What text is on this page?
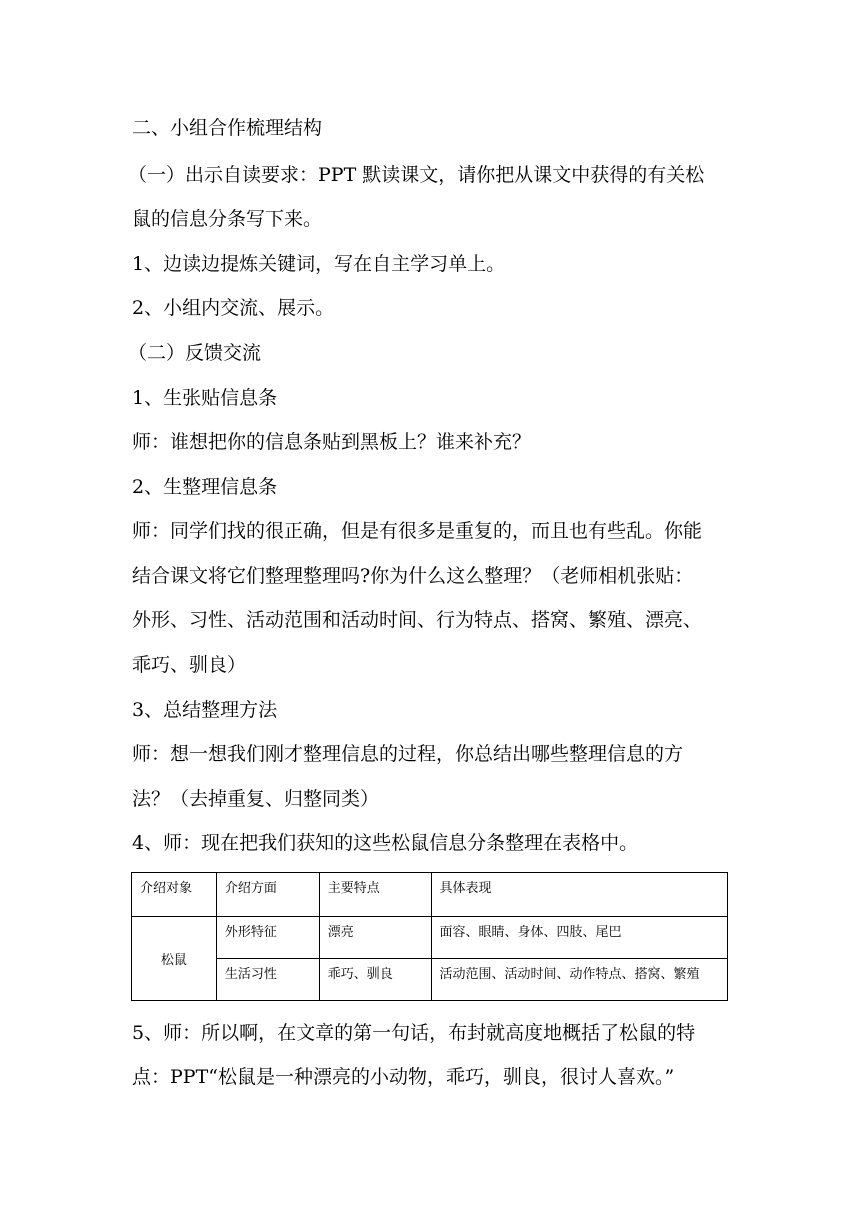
二、小组合作梳理结构
（一）出示自读要求：PPT 默读课文，请你把从课文中获得的有关松
鼠的信息分条写下来。
1、边读边提炼关键词，写在自主学习单上。
2、小组内交流、展示。
（二）反馈交流
1、生张贴信息条
师：谁想把你的信息条贴到黑板上？谁来补充？
2、生整理信息条
师：同学们找的很正确，但是有很多是重复的，而且也有些乱。你能
结合课文将它们整理整理吗?你为什么这么整理？（老师相机张贴：
外形、习性、活动范围和活动时间、行为特点、搭窝、繁殖、漂亮、
乖巧、驯良）
3、总结整理方法
师：想一想我们刚才整理信息的过程，你总结出哪些整理信息的方
法？（去掉重复、归整同类）
4、师：现在把我们获知的这些松鼠信息分条整理在表格中。
介绍对象	介绍方面	主要特点	具体表现
松鼠	外形特征	漂亮	面容、眼睛、身体、四肢、尾巴
	生活习性	乖巧、驯良	活动范围、活动时间、动作特点、搭窝、繁殖
5、师：所以啊，在文章的第一句话，布封就高度地概括了松鼠的特
点：PPT“松鼠是一种漂亮的小动物，乖巧，驯良，很讨人喜欢。”
